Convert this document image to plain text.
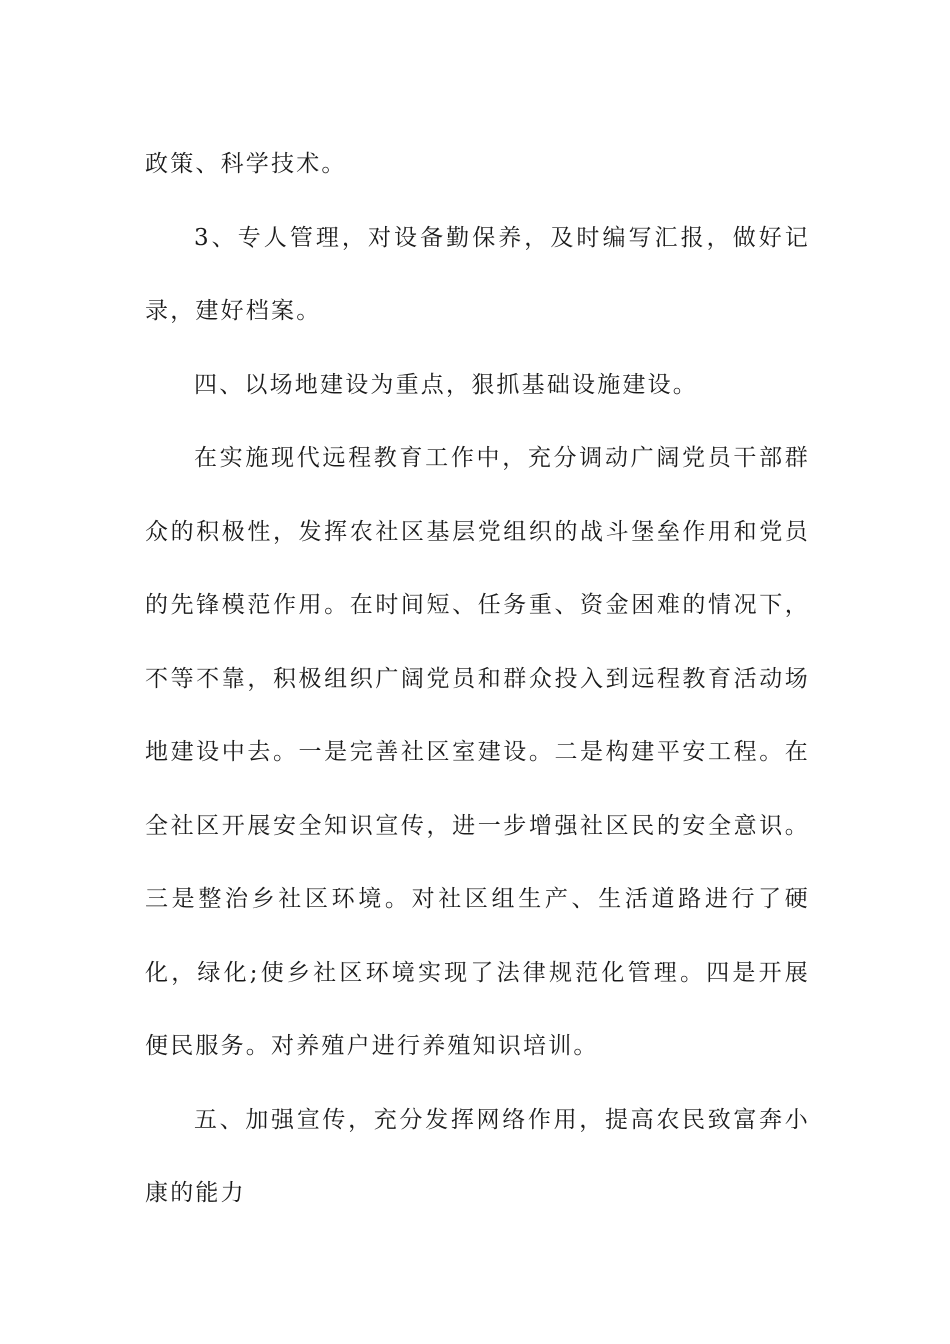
政策、科学技术。

3、专人管理，对设备勤保养，及时编写汇报，做好记录，建好档案。

四、以场地建设为重点，狠抓基础设施建设。

在实施现代远程教育工作中，充分调动广阔党员干部群众的积极性，发挥农社区基层党组织的战斗堡垒作用和党员的先锋模范作用。在时间短、任务重、资金困难的情况下，不等不靠，积极组织广阔党员和群众投入到远程教育活动场地建设中去。一是完善社区室建设。二是构建平安工程。在全社区开展安全知识宣传，进一步增强社区民的安全意识。三是整治乡社区环境。对社区组生产、生活道路进行了硬化，绿化;使乡社区环境实现了法律规范化管理。四是开展便民服务。对养殖户进行养殖知识培训。

五、加强宣传，充分发挥网络作用，提高农民致富奔小康的能力
